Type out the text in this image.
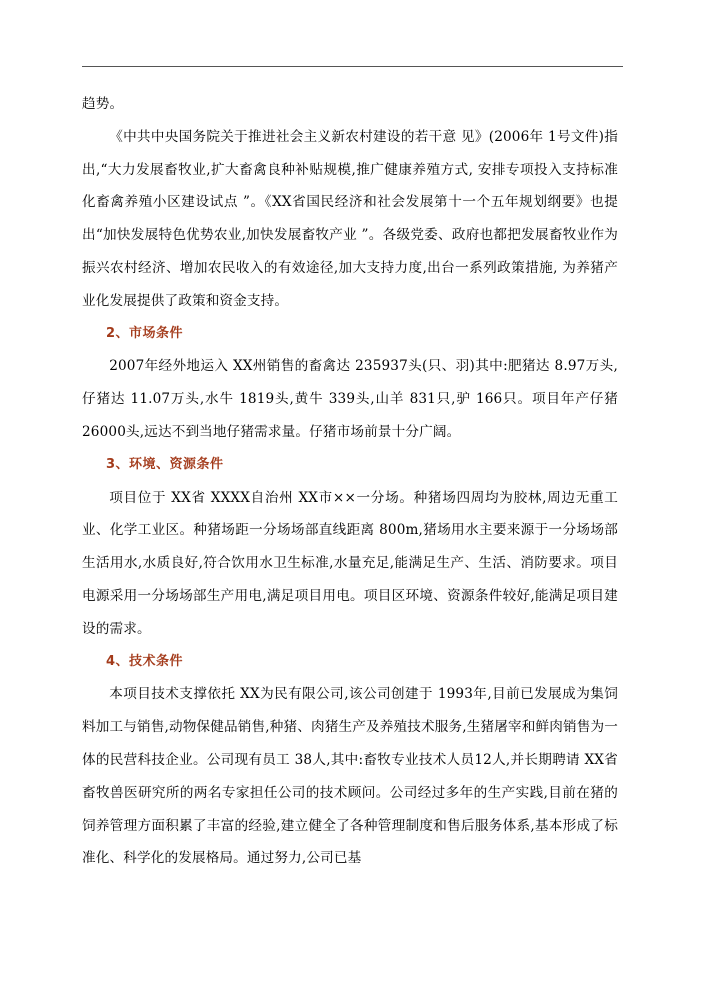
趋势。

《中共中央国务院关于推进社会主义新农村建设的若干意 见》(2006年 1号文件)指出,“大力发展畜牧业,扩大畜禽良种补贴规模,推广健康养殖方式, 安排专项投入支持标准化畜禽养殖小区建设试点 ”。《XX省国民经济和社会发展第十一个五年规划纲要》也提出“加快发展特色优势农业,加快发展畜牧产业 ”。各级党委、政府也都把发展畜牧业作为振兴农村经济、增加农民收入的有效途径,加大支持力度,出台一系列政策措施, 为养猪产业化发展提供了政策和资金支持。

2、市场条件

2007年经外地运入 XX州销售的畜禽达 235937头(只、羽)其中:肥猪达 8.97万头,仔猪达 11.07万头,水牛 1819头,黄牛 339头,山羊 831只,驴 166只。项目年产仔猪 26000头,远达不到当地仔猪需求量。仔猪市场前景十分广阔。

3、环境、资源条件

项目位于 XX省 XXXX自治州 XX市××一分场。种猪场四周均为胶林,周边无重工业、化学工业区。种猪场距一分场场部直线距离 800m,猪场用水主要来源于一分场场部生活用水,水质良好,符合饮用水卫生标准,水量充足,能满足生产、生活、消防要求。项目电源采用一分场场部生产用电,满足项目用电。项目区环境、资源条件较好,能满足项目建设的需求。

4、技术条件

本项目技术支撑依托 XX为民有限公司,该公司创建于 1993年,目前已发展成为集饲料加工与销售,动物保健品销售,种猪、肉猪生产及养殖技术服务,生猪屠宰和鲜肉销售为一体的民营科技企业。公司现有员工 38人,其中:畜牧专业技术人员12人,并长期聘请 XX省畜牧兽医研究所的两名专家担任公司的技术顾问。公司经过多年的生产实践,目前在猪的饲养管理方面积累了丰富的经验,建立健全了各种管理制度和售后服务体系,基本形成了标准化、科学化的发展格局。通过努力,公司已基
